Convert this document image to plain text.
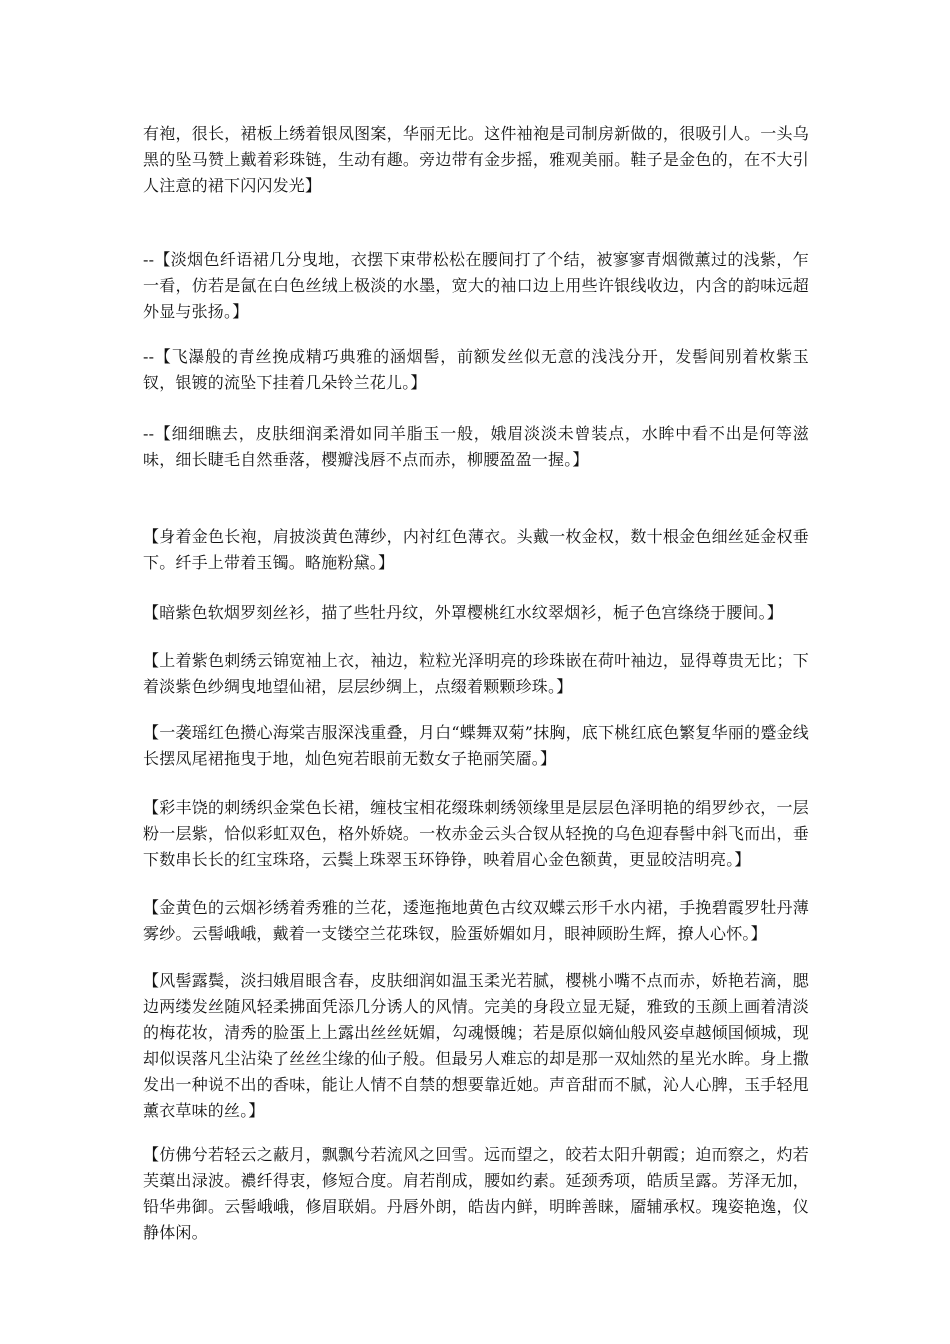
有袍，很长，裙板上绣着银凤图案，华丽无比。这件袖袍是司制房新做的，很吸引人。一头乌黑的坠马赞上戴着彩珠链，生动有趣。旁边带有金步摇，雅观美丽。鞋子是金色的，在不大引人注意的裙下闪闪发光】

--【淡烟色纤语裙几分曳地，衣摆下束带松松在腰间打了个结，被寥寥青烟微薰过的浅紫，乍一看，仿若是氤在白色丝绒上极淡的水墨，宽大的袖口边上用些许银线收边，内含的韵味远超外显与张扬。】

--【飞瀑般的青丝挽成精巧典雅的涵烟髻，前额发丝似无意的浅浅分开，发髻间别着枚紫玉钗，银镀的流坠下挂着几朵铃兰花儿。】

--【细细瞧去，皮肤细润柔滑如同羊脂玉一般，娥眉淡淡未曾装点，水眸中看不出是何等滋味，细长睫毛自然垂落，樱瓣浅唇不点而赤，柳腰盈盈一握。】

【身着金色长袍，肩披淡黄色薄纱，内衬红色薄衣。头戴一枚金权，数十根金色细丝延金权垂下。纤手上带着玉镯。略施粉黛。】

【暗紫色软烟罗刻丝衫，描了些牡丹纹，外罩樱桃红水纹翠烟衫，栀子色宫绦绕于腰间。】

【上着紫色刺绣云锦宽袖上衣，袖边，粒粒光泽明亮的珍珠嵌在荷叶袖边，显得尊贵无比；下着淡紫色纱绸曳地望仙裙，层层纱绸上，点缀着颗颗珍珠。】

【一袭瑶红色攒心海棠吉服深浅重叠，月白“蝶舞双菊”抹胸，底下桃红底色繁复华丽的蹙金线长摆凤尾裙拖曳于地，灿色宛若眼前无数女子艳丽笑靥。】

【彩丰饶的刺绣织金棠色长裙，缠枝宝相花缀珠刺绣领缘里是层层色泽明艳的绢罗纱衣，一层粉一层紫，恰似彩虹双色，格外娇娆。一枚赤金云头合钗从轻挽的乌色迎春髻中斜飞而出，垂下数串长长的红宝珠珞，云鬓上珠翠玉环铮铮，映着眉心金色额黄，更显皎洁明亮。】

【金黄色的云烟衫绣着秀雅的兰花，逶迤拖地黄色古纹双蝶云形千水内裙，手挽碧霞罗牡丹薄雾纱。云髻峨峨，戴着一支镂空兰花珠钗，脸蛋娇媚如月，眼神顾盼生辉，撩人心怀。】

【风髻露鬓，淡扫娥眉眼含春，皮肤细润如温玉柔光若腻，樱桃小嘴不点而赤，娇艳若滴，腮边两缕发丝随风轻柔拂面凭添几分诱人的风情。完美的身段立显无疑，雅致的玉颜上画着清淡的梅花妆，清秀的脸蛋上上露出丝丝妩媚，勾魂慑魄；若是原似嫡仙般风姿卓越倾国倾城，现却似误落凡尘沾染了丝丝尘缘的仙子般。但最另人难忘的却是那一双灿然的星光水眸。身上撒发出一种说不出的香味，能让人情不自禁的想要靠近她。声音甜而不腻，沁人心脾，玉手轻甩薰衣草味的丝。】

【仿佛兮若轻云之蔽月，飘飘兮若流风之回雪。远而望之，皎若太阳升朝霞；迫而察之，灼若芙蕖出渌波。襛纤得衷，修短合度。肩若削成，腰如约素。延颈秀项，皓质呈露。芳泽无加，铅华弗御。云髻峨峨，修眉联娟。丹唇外朗，皓齿内鲜，明眸善睐，靥辅承权。瑰姿艳逸，仪静体闲。
